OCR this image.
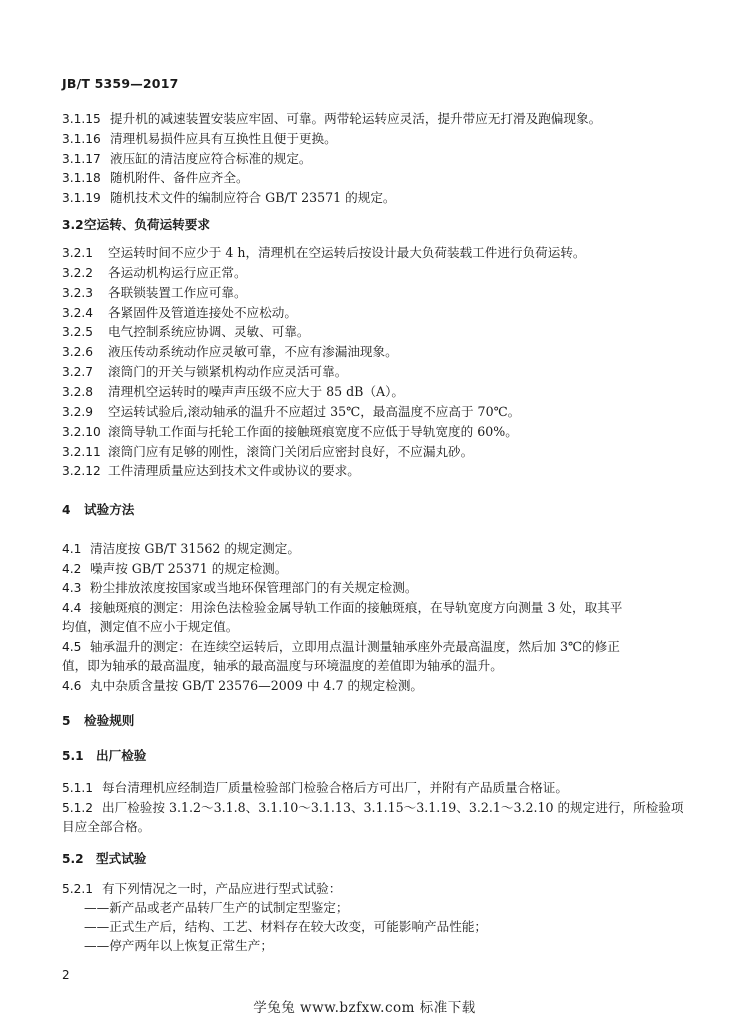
JB/T 5359—2017
3.1.15 提升机的减速装置安装应牢固、可靠。两带轮运转应灵活，提升带应无打滑及跑偏现象。
3.1.16 清理机易损件应具有互换性且便于更换。
3.1.17 液压缸的清洁度应符合标准的规定。
3.1.18 随机附件、备件应齐全。
3.1.19 随机技术文件的编制应符合 GB/T 23571 的规定。
3.2空运转、负荷运转要求
3.2.1 空运转时间不应少于 4 h，清理机在空运转后按设计最大负荷装载工件进行负荷运转。
3.2.2 各运动机构运行应正常。
3.2.3 各联锁装置工作应可靠。
3.2.4 各紧固件及管道连接处不应松动。
3.2.5 电气控制系统应协调、灵敏、可靠。
3.2.6 液压传动系统动作应灵敏可靠，不应有渗漏油现象。
3.2.7 滚筒门的开关与锁紧机构动作应灵活可靠。
3.2.8 清理机空运转时的噪声声压级不应大于 85 dB（A）。
3.2.9 空运转试验后,滚动轴承的温升不应超过 35℃，最高温度不应高于 70℃。
3.2.10 滚筒导轨工作面与托轮工作面的接触斑痕宽度不应低于导轨宽度的 60%。
3.2.11 滚筒门应有足够的刚性，滚筒门关闭后应密封良好，不应漏丸砂。
3.2.12 工件清理质量应达到技术文件或协议的要求。
4 试验方法
4.1 清洁度按 GB/T 31562 的规定测定。
4.2 噪声按 GB/T 25371 的规定检测。
4.3 粉尘排放浓度按国家或当地环保管理部门的有关规定检测。
4.4 接触斑痕的测定：用涂色法检验金属导轨工作面的接触斑痕，在导轨宽度方向测量 3 处，取其平
均值，测定值不应小于规定值。
4.5 轴承温升的测定：在连续空运转后，立即用点温计测量轴承座外壳最高温度，然后加 3℃的修正
值，即为轴承的最高温度，轴承的最高温度与环境温度的差值即为轴承的温升。
4.6 丸中杂质含量按 GB/T 23576—2009 中 4.7 的规定检测。
5 检验规则
5.1 出厂检验
5.1.1 每台清理机应经制造厂质量检验部门检验合格后方可出厂，并附有产品质量合格证。
5.1.2 出厂检验按 3.1.2～3.1.8、3.1.10～3.1.13、3.1.15～3.1.19、3.2.1～3.2.10 的规定进行，所检验项
目应全部合格。
5.2 型式试验
5.2.1 有下列情况之一时，产品应进行型式试验：
——新产品或老产品转厂生产的试制定型鉴定；
——正式生产后，结构、工艺、材料存在较大改变，可能影响产品性能；
——停产两年以上恢复正常生产；
2
学兔兔 www.bzfxw.com 标准下载
